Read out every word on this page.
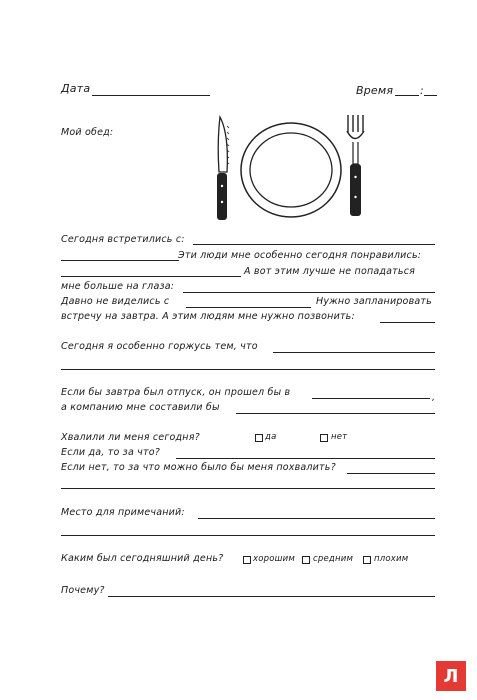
Дата	Время :
Мой обед:
Сегодня встретились с:
Эти люди мне особенно сегодня понравились:
А вот этим лучше не попадаться
мне больше на глаза:
Давно не виделись с	Нужно запланировать
встречу на завтра. А этим людям мне нужно позвонить:
Сегодня я особенно горжусь тем, что
Если бы завтра был отпуск, он прошел бы в	,
а компанию мне составили бы
Хвалили ли меня сегодня?	да	нет
Если да, то за что?
Если нет, то за что можно было бы меня похвалить?
Место для примечаний:
Каким был сегодняшний день?	хорошим средним плохим
Почему?
Л
